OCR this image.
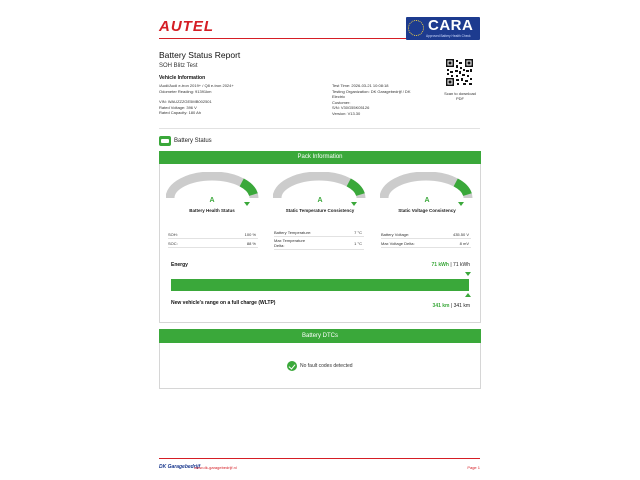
AUTEL	CARA
Approved Battery Health Check
Battery Status Report
SOH Blitz Test
Vehicle Information
/Audi/Audi e-tron 2019+ / Q8 e-tron 2024+
Odometer Reading: 91391km
VIN: WAUZZZGE5MB002501
Rated Voltage: 396 V
Rated Capacity: 180 Ah
Test Time: 2026-03-21 10:08:18
Testing Organization: DK Garagebedrijf / DK
Electric
Customer:
S/N: V30G55K05126
Version: V13.30
Scan to download
PDF
Battery Status
Pack Information
A
Battery Health Status
A
Static Temperature Consistency
A
Static Voltage Consistency
SOH:	100 %
SOC:	88 %
Battery Temperature:	7 °C
Max Temperature
Delta:	1 °C
Battery Voltage:	435.50 V
Max Voltage Delta:	8 mV
Energy	71 kWh | 71 kWh
New vehicle's range on a full charge (WLTP)	341 km | 341 km
Battery DTCs
No fault codes detected
DK Garagebedrijf
www.dk-garagebedrijf.nl	Page 1
